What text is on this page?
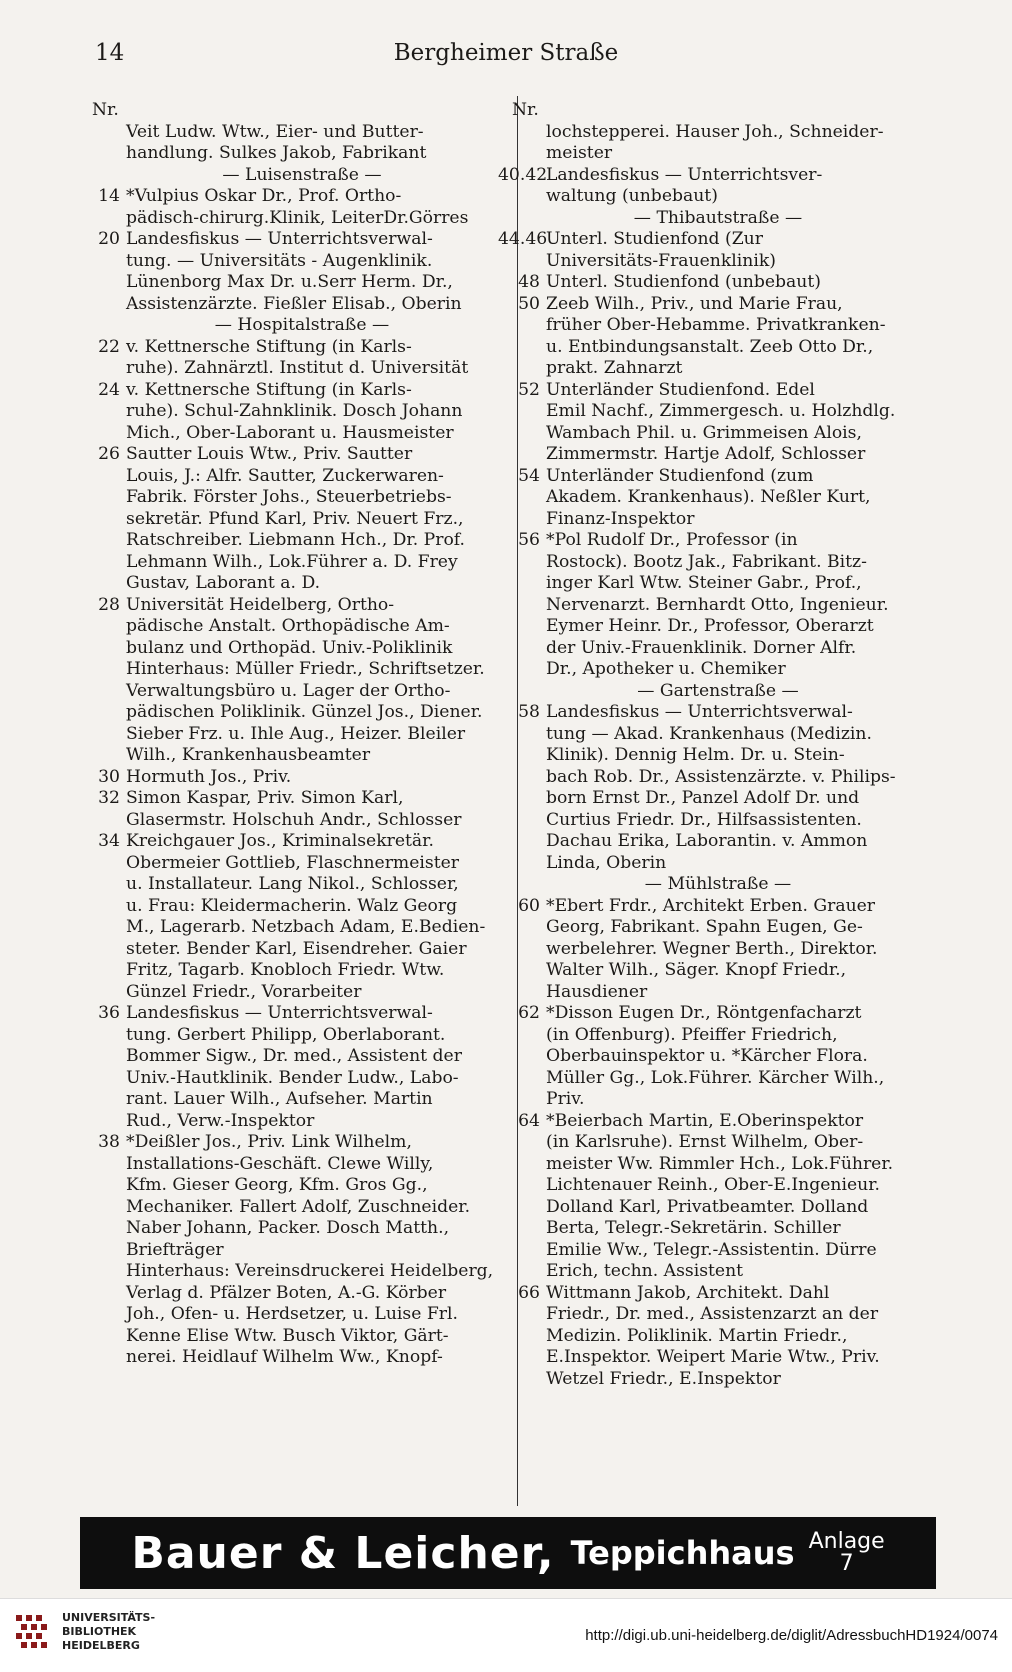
14	Bergheimer Straße
Nr.
Veit Ludw. Wtw., Eier- und Butter-
handlung. Sulkes Jakob, Fabrikant
— Luisenstraße —
14 *Vulpius Oskar Dr., Prof. Ortho-
pädisch-chirurg.Klinik, LeiterDr.Görres
20 Landesfiskus — Unterrichtsverwal-
tung. — Universitäts - Augenklinik.
Lünenborg Max Dr. u.Serr Herm. Dr.,
Assistenzärzte. Fießler Elisab., Oberin
— Hospitalstraße —
22 v. Kettnersche Stiftung (in Karls-
ruhe). Zahnärztl. Institut d. Universität
24 v. Kettnersche Stiftung (in Karls-
ruhe). Schul-Zahnklinik. Dosch Johann
Mich., Ober-Laborant u. Hausmeister
26 Sautter Louis Wtw., Priv. Sautter
Louis, J.: Alfr. Sautter, Zuckerwaren-
Fabrik. Förster Johs., Steuerbetriebs-
sekretär. Pfund Karl, Priv. Neuert Frz.,
Ratschreiber. Liebmann Hch., Dr. Prof.
Lehmann Wilh., Lok.Führer a. D. Frey
Gustav, Laborant a. D.
28 Universität Heidelberg, Ortho-
pädische Anstalt. Orthopädische Am-
bulanz und Orthopäd. Univ.-Poliklinik
Hinterhaus: Müller Friedr., Schriftsetzer.
Verwaltungsbüro u. Lager der Ortho-
pädischen Poliklinik. Günzel Jos., Diener.
Sieber Frz. u. Ihle Aug., Heizer. Bleiler
Wilh., Krankenhausbeamter
30 Hormuth Jos., Priv.
32 Simon Kaspar, Priv. Simon Karl,
Glasermstr. Holschuh Andr., Schlosser
34 Kreichgauer Jos., Kriminalsekretär.
Obermeier Gottlieb, Flaschnermeister
u. Installateur. Lang Nikol., Schlosser,
u. Frau: Kleidermacherin. Walz Georg
M., Lagerarb. Netzbach Adam, E.Bedien-
steter. Bender Karl, Eisendreher. Gaier
Fritz, Tagarb. Knobloch Friedr. Wtw.
Günzel Friedr., Vorarbeiter
36 Landesfiskus — Unterrichtsverwal-
tung. Gerbert Philipp, Oberlaborant.
Bommer Sigw., Dr. med., Assistent der
Univ.-Hautklinik. Bender Ludw., Labo-
rant. Lauer Wilh., Aufseher. Martin
Rud., Verw.-Inspektor
38 *Deißler Jos., Priv. Link Wilhelm,
Installations-Geschäft. Clewe Willy,
Kfm. Gieser Georg, Kfm. Gros Gg.,
Mechaniker. Fallert Adolf, Zuschneider.
Naber Johann, Packer. Dosch Matth.,
Briefträger
Hinterhaus: Vereinsdruckerei Heidelberg,
Verlag d. Pfälzer Boten, A.-G. Körber
Joh., Ofen- u. Herdsetzer, u. Luise Frl.
Kenne Elise Wtw. Busch Viktor, Gärt-
nerei. Heidlauf Wilhelm Ww., Knopf-
Nr.
lochstepperei. Hauser Joh., Schneider-
meister
40.42Landesfiskus — Unterrichtsver-
waltung (unbebaut)
— Thibautstraße —
44.46Unterl. Studienfond (Zur
Universitäts-Frauenklinik)
48 Unterl. Studienfond (unbebaut)
50 Zeeb Wilh., Priv., und Marie Frau,
früher Ober-Hebamme. Privatkranken-
u. Entbindungsanstalt. Zeeb Otto Dr.,
prakt. Zahnarzt
52 Unterländer Studienfond. Edel
Emil Nachf., Zimmergesch. u. Holzhdlg.
Wambach Phil. u. Grimmeisen Alois,
Zimmermstr. Hartje Adolf, Schlosser
54 Unterländer Studienfond (zum
Akadem. Krankenhaus). Neßler Kurt,
Finanz-Inspektor
56 *Pol Rudolf Dr., Professor (in
Rostock). Bootz Jak., Fabrikant. Bitz-
inger Karl Wtw. Steiner Gabr., Prof.,
Nervenarzt. Bernhardt Otto, Ingenieur.
Eymer Heinr. Dr., Professor, Oberarzt
der Univ.-Frauenklinik. Dorner Alfr.
Dr., Apotheker u. Chemiker
— Gartenstraße —
58 Landesfiskus — Unterrichtsverwal-
tung — Akad. Krankenhaus (Medizin.
Klinik). Dennig Helm. Dr. u. Stein-
bach Rob. Dr., Assistenzärzte. v. Philips-
born Ernst Dr., Panzel Adolf Dr. und
Curtius Friedr. Dr., Hilfsassistenten.
Dachau Erika, Laborantin. v. Ammon
Linda, Oberin
— Mühlstraße —
60 *Ebert Frdr., Architekt Erben. Grauer
Georg, Fabrikant. Spahn Eugen, Ge-
werbelehrer. Wegner Berth., Direktor.
Walter Wilh., Säger. Knopf Friedr.,
Hausdiener
62 *Disson Eugen Dr., Röntgenfacharzt
(in Offenburg). Pfeiffer Friedrich,
Oberbauinspektor u. *Kärcher Flora.
Müller Gg., Lok.Führer. Kärcher Wilh.,
Priv.
64 *Beierbach Martin, E.Oberinspektor
(in Karlsruhe). Ernst Wilhelm, Ober-
meister Ww. Rimmler Hch., Lok.Führer.
Lichtenauer Reinh., Ober-E.Ingenieur.
Dolland Karl, Privatbeamter. Dolland
Berta, Telegr.-Sekretärin. Schiller
Emilie Ww., Telegr.-Assistentin. Dürre
Erich, techn. Assistent
66 Wittmann Jakob, Architekt. Dahl
Friedr., Dr. med., Assistenzarzt an der
Medizin. Poliklinik. Martin Friedr.,
E.Inspektor. Weipert Marie Wtw., Priv.
Wetzel Friedr., E.Inspektor
Bauer & Leicher, Teppichhaus Anlage
7
UNIVERSITÄTS-
BIBLIOTHEK
HEIDELBERG
http://digi.ub.uni-heidelberg.de/diglit/AdressbuchHD1924/0074
